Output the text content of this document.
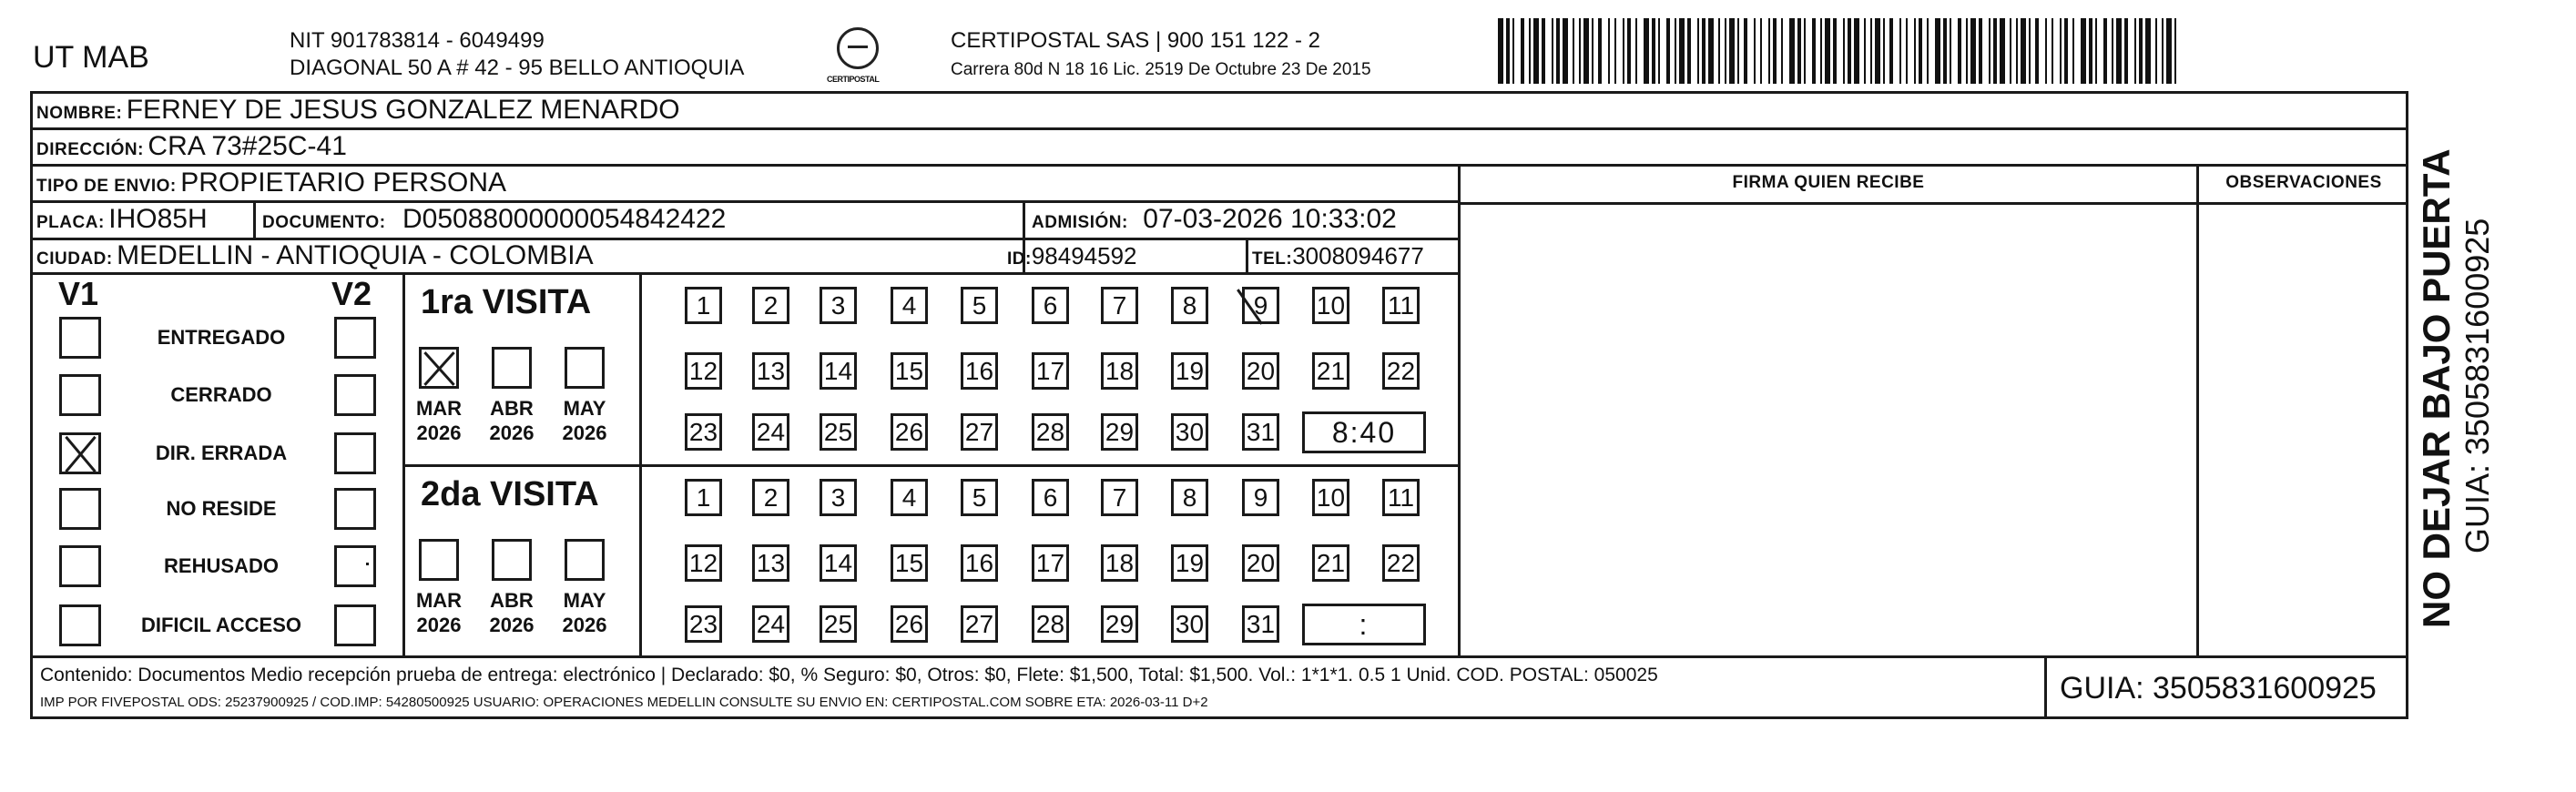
UT MAB	NIT 901783814 - 6049499
DIAGONAL 50 A # 42 - 95 BELLO ANTIOQUIA	CERTIPOSTAL
CERTIPOSTAL SAS | 900 151 122 - 2
Carrera 80d N 18 16 Lic. 2519 De Octubre 23 De 2015
NOMBRE: FERNEY DE JESUS GONZALEZ MENARDO
DIRECCIÓN: CRA 73#25C-41
TIPO DE ENVIO: PROPIETARIO PERSONA
PLACA: IHO85H	DOCUMENTO: D05088000000054842422	ADMISIÓN: 07-03-2026 10:33:02
CIUDAD: MEDELLIN - ANTIOQUIA - COLOMBIA	ID:98494592	TEL:3008094677
FIRMA QUIEN RECIBE	OBSERVACIONES
V1	V2
ENTREGADO
CERRADO
DIR. ERRADA
NO RESIDE
REHUSADO
DIFICIL ACCESO
1ra VISITA
MAR
2026
ABR
2026
MAY
2026
1	2	3	4	5	6	7	8	9	10 11
12 13 14 15 16 17 18 19 20 21 22
23 24 25 26 27 28 29 30 31	8:40
2da VISITA
MAR
2026
ABR
2026
MAY
2026
1	2	3	4	5	6	7	8	9	10 11
12 13 14 15 16 17 18 19 20 21 22
23 24 25 26 27 28 29 30 31	:
Contenido: Documentos Medio recepción prueba de entrega: electrónico | Declarado: $0, % Seguro: $0, Otros: $0, Flete: $1,500, Total: $1,500. Vol.: 1*1*1. 0.5 1 Unid. COD. POSTAL: 050025
IMP POR FIVEPOSTAL ODS: 25237900925 / COD.IMP: 54280500925 USUARIO: OPERACIONES MEDELLIN CONSULTE SU ENVIO EN: CERTIPOSTAL.COM SOBRE ETA: 2026-03-11 D+2	GUIA: 3505831600925
NO DEJAR BAJO PUERTA GUIA: 3505831600925
